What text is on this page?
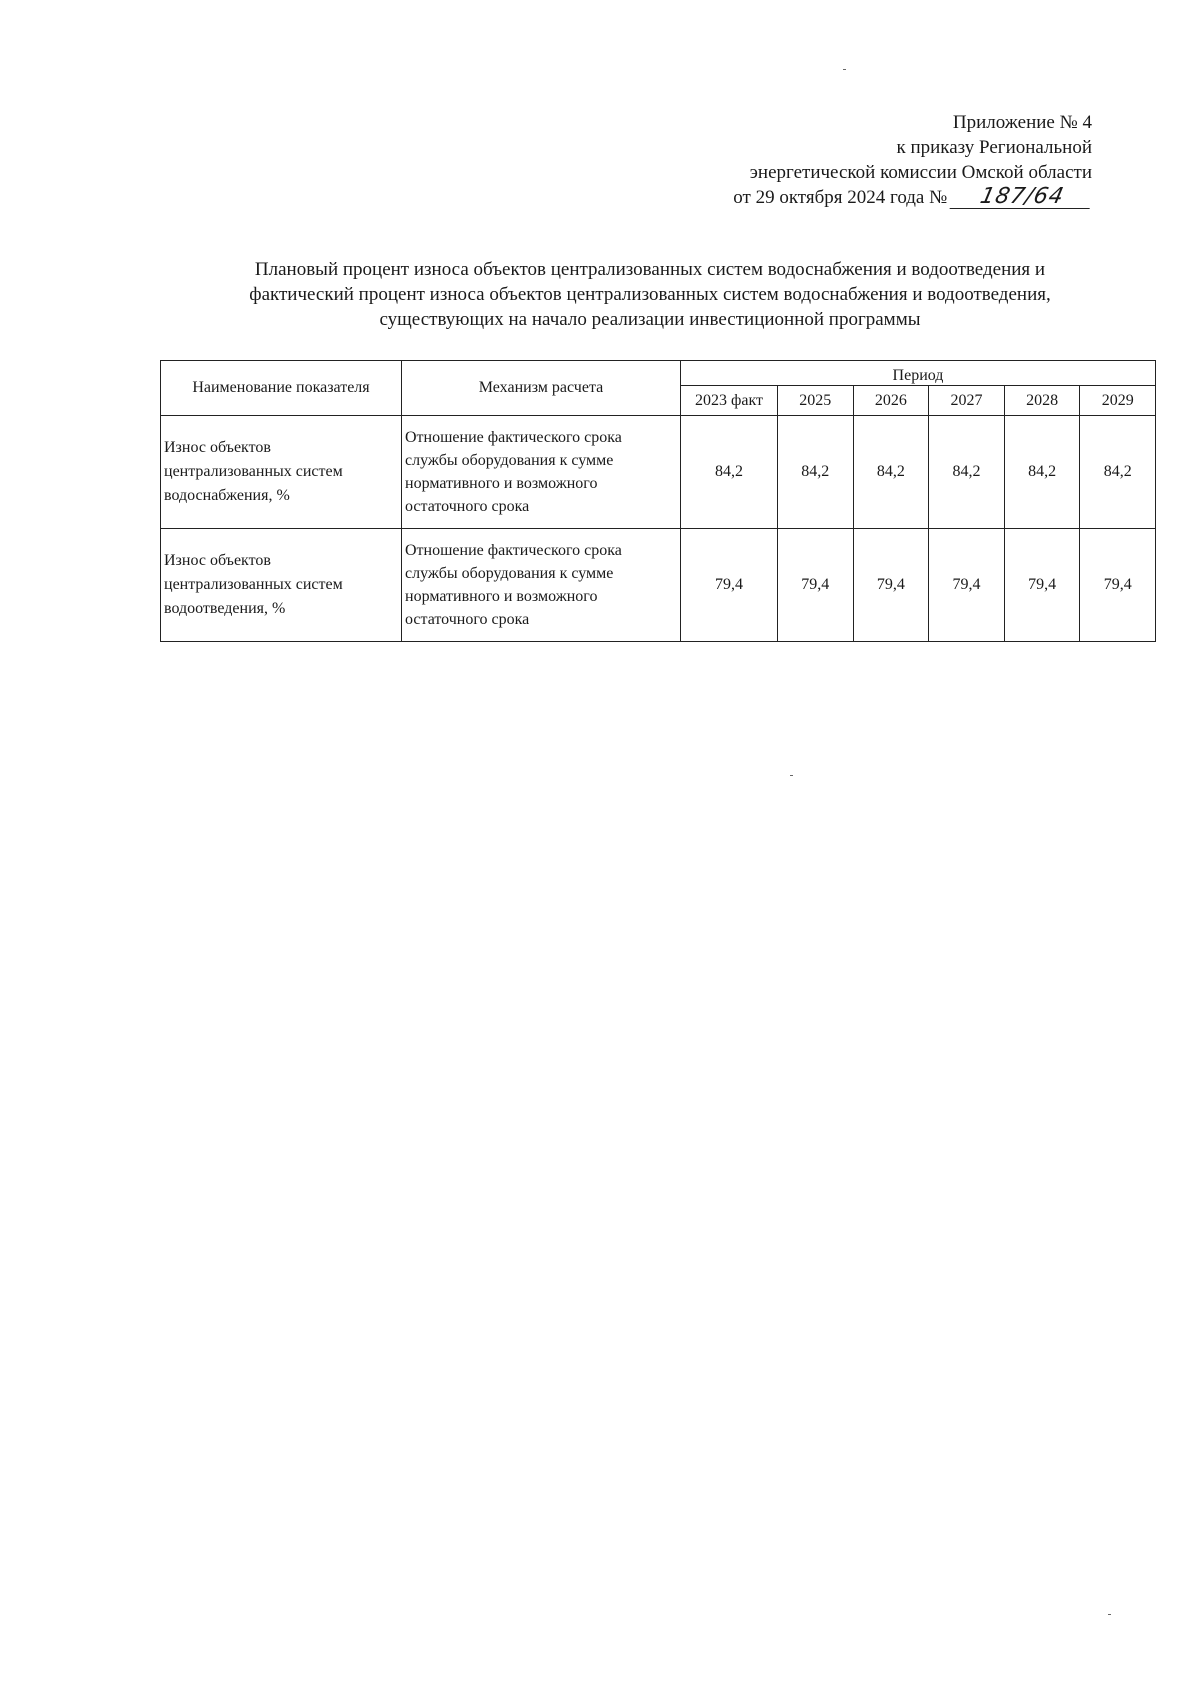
Приложение № 4
к приказу Региональной
энергетической комиссии Омской области
от 29 октября 2024 года № 187/64
Плановый процент износа объектов централизованных систем водоснабжения и водоотведения и
фактический процент износа объектов централизованных систем водоснабжения и водоотведения,
существующих на начало реализации инвестиционной программы
Наименование показателя	Механизм расчета	Период					
		2023 факт	2025	2026	2027	2028	2029
Износ объектов централизованных систем водоснабжения, %	Отношение фактического срока службы оборудования к сумме нормативного и возможного остаточного срока	84,2	84,2	84,2	84,2	84,2	84,2
Износ объектов централизованных систем водоотведения, %	Отношение фактического срока службы оборудования к сумме нормативного и возможного остаточного срока	79,4	79,4	79,4	79,4	79,4	79,4
